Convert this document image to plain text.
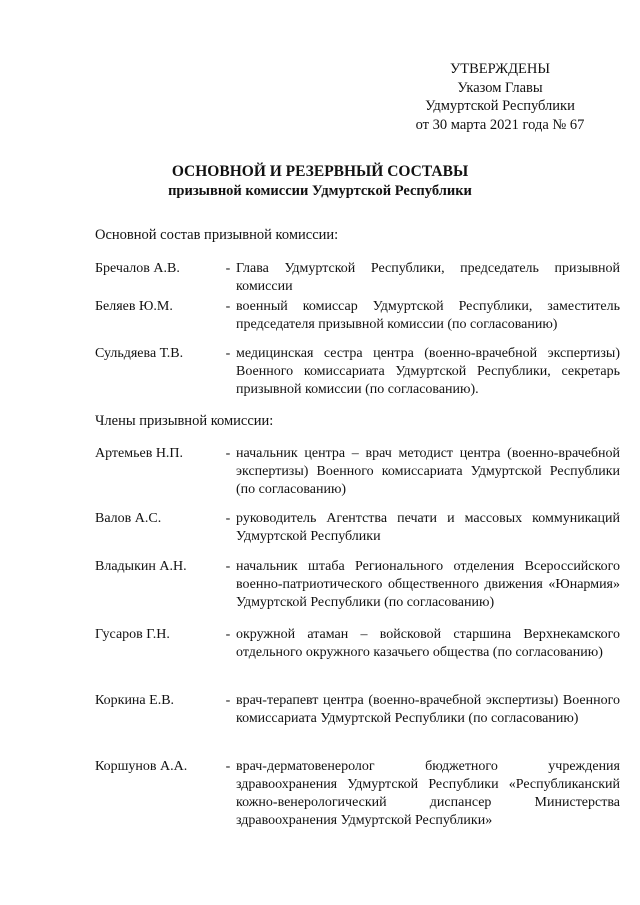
УТВЕРЖДЕНЫ
Указом Главы
Удмуртской Республики
от 30 марта 2021 года № 67
ОСНОВНОЙ И РЕЗЕРВНЫЙ СОСТАВЫ
призывной комиссии Удмуртской Республики
Основной состав призывной комиссии:
Бречалов А.В.	- Глава Удмуртской Республики, председатель призывной комиссии
Беляев Ю.М.	- военный комиссар Удмуртской Республики, заместитель председателя призывной комиссии (по согласованию)
Сульдяева Т.В.	- медицинская сестра центра (военно-врачебной экспертизы) Военного комиссариата Удмуртской Республики, секретарь призывной комиссии (по согласованию).
Члены призывной комиссии:
Артемьев Н.П.	- начальник центра – врач методист центра (военно-врачебной экспертизы) Военного комиссариата Удмуртской Республики (по согласованию)
Валов А.С.	- руководитель Агентства печати и массовых коммуникаций Удмуртской Республики
Владыкин А.Н.	- начальник штаба Регионального отделения Всероссийского военно-патриотического общественного движения «Юнармия» Удмуртской Республики (по согласованию)
Гусаров Г.Н.	- окружной атаман – войсковой старшина Верхнекамского отдельного окружного казачьего общества (по согласованию)
Коркина Е.В.	- врач-терапевт центра (военно-врачебной экспертизы) Военного комиссариата Удмуртской Республики (по согласованию)
Коршунов А.А.	- врач-дерматовенеролог бюджетного учреждения здравоохранения Удмуртской Республики «Республиканский кожно-венерологический диспансер Министерства здравоохранения Удмуртской Республики»
